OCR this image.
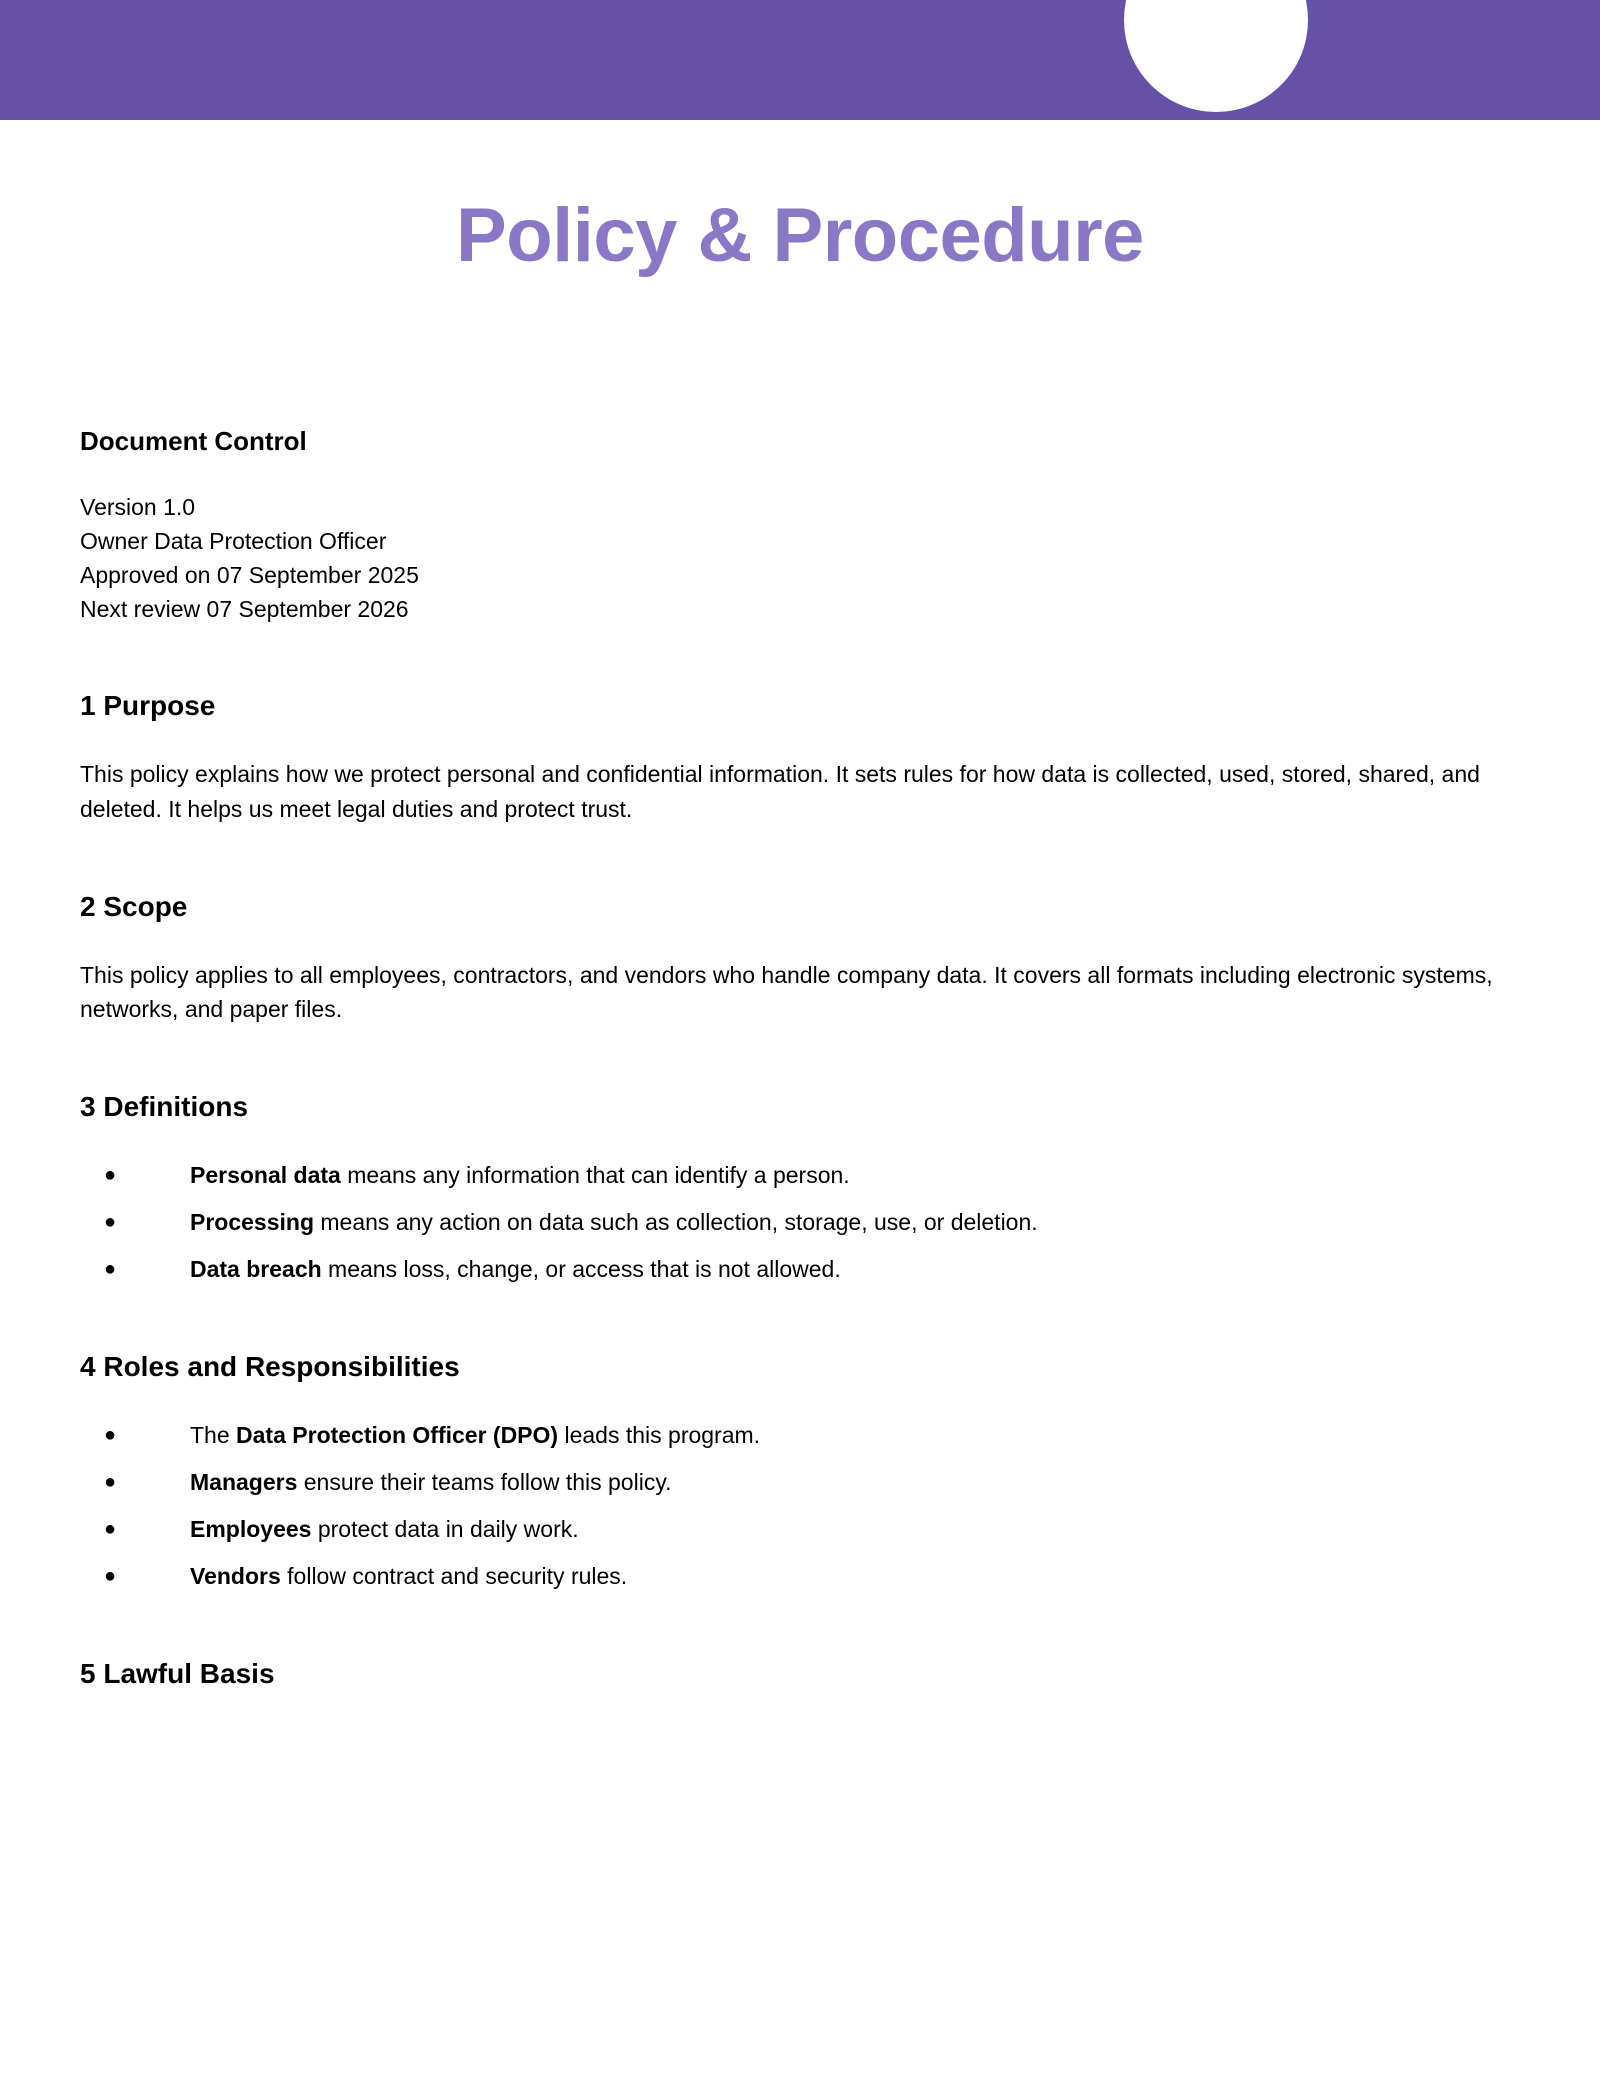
Policy & Procedure
Document Control
Version 1.0
Owner Data Protection Officer
Approved on 07 September 2025
Next review 07 September 2026
1 Purpose

This policy explains how we protect personal and confidential information. It sets rules for how data is collected, used, stored, shared, and deleted. It helps us meet legal duties and protect trust.

2 Scope

This policy applies to all employees, contractors, and vendors who handle company data. It covers all formats including electronic systems, networks, and paper files.

3 Definitions
●	Personal data means any information that can identify a person.
●	Processing means any action on data such as collection, storage, use, or deletion.
●	Data breach means loss, change, or access that is not allowed.
4 Roles and Responsibilities
●	The Data Protection Officer (DPO) leads this program.
●	Managers ensure their teams follow this policy.
●	Employees protect data in daily work.
●	Vendors follow contract and security rules.
5 Lawful Basis
